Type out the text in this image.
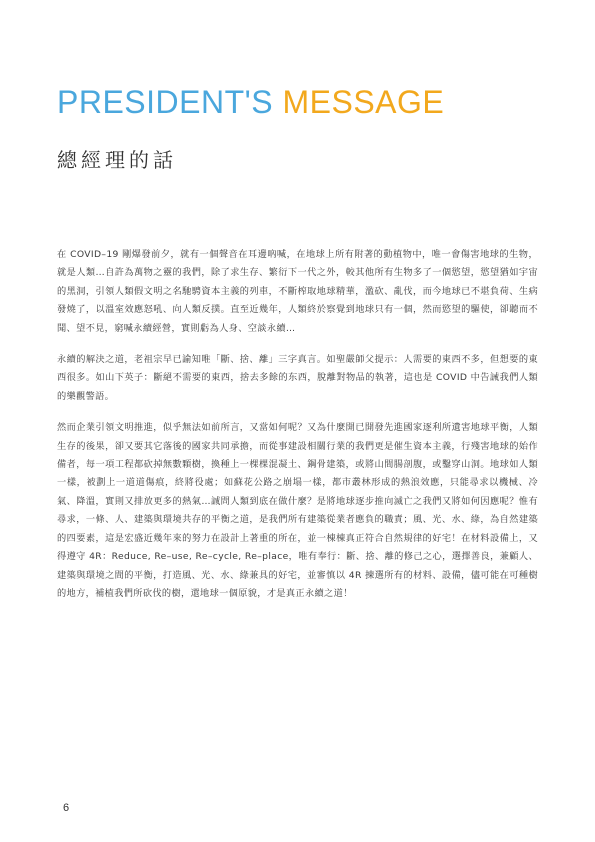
PRESIDENT'S MESSAGE
總經理的話

在 COVID–19 剛爆發前夕，就有一個聲音在耳邊吶喊，在地球上所有附著的動植物中，唯一會傷害地球的生物，就是人類…自許為萬物之靈的我們，除了求生存、繁衍下一代之外，較其他所有生物多了一個慾望，慾望猶如宇宙的黑洞，引領人類假文明之名馳騁資本主義的列車，不斷榨取地球精華，濫砍、亂伐，而今地球已不堪負荷、生病發燒了，以溫室效應怒吼、向人類反撲。直至近幾年，人類終於察覺到地球只有一個，然而慾望的驅使，卻聽而不聞、望不見，窮喊永續經營，實則虧為人身、空談永續…

永續的解決之道，老祖宗早已諭知唯「斷、捨、離」三字真言。如聖嚴師父提示：人需要的東西不多，但想要的東西很多。如山下英子：斷絕不需要的東西，捨去多餘的东西，脫離對物品的執著，這也是 COVID 中告誡我們人類的樂觀警語。

然而企業引領文明推進，似乎無法如前所言，又當如何呢？又為什麼開已開發先進國家逐利所遺害地球平衡，人類生存的後果，卻又要其它落後的國家共同承擔，而從事建設相關行業的我們更是催生資本主義，行殘害地球的始作備者，每一項工程都砍掉無數顆樹，換種上一棵棵混凝土、鋼骨建築，或將山間腸剖腹，或鑿穿山洞。地球如人類一樣，被劃上一道道傷痕，終將役處；如蘇花公路之崩塌一樣，都市叢林形成的熱浪效應，只能尋求以機械、冷氣、降溫，實則又排放更多的熱氣…誠問人類到底在做什麼？是將地球逐步推向滅亡之我們又將如何因應呢？惟有尋求，一條、人、建築與環境共存的平衡之道，是我們所有建築從業者應負的職責；風、光、水、綠，為自然建築的四要素，這是宏盛近幾年來的努力在設計上著重的所在，並一棟棟真正符合自然規律的好宅！在材料設備上，又得遵守 4R：Reduce, Re–use, Re–cycle, Re–place，唯有奉行：斷、捨、離的修己之心，選擇善良，兼顧人、建築與環境之間的平衡，打造風、光、水、綠兼具的好宅，並審慎以 4R 揀選所有的材料、設備，儘可能在可種樹的地方，補植我們所砍伐的樹，還地球一個原貌，才是真正永續之道！

6
